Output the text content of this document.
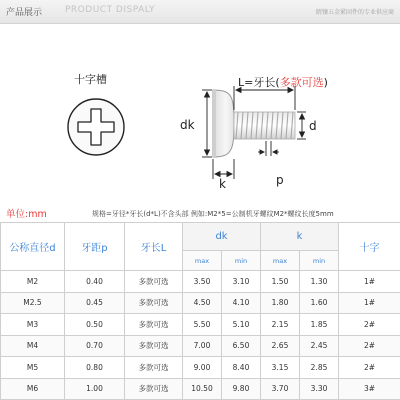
产品展示	PRODUCT DISPALY	睛镶五金紧固件的专业供应商
十字槽	L=牙长(多款可选)
dk	d
k	p
单位:mm	规格=牙径*牙长(d*L)不含头部 例如:M2*5=公制机牙螺纹M2*螺纹长度5mm
公称直径d	牙距p	牙长L	dk		k		十字
			max	min	max	min	
M2	0.40	多款可选	3.50	3.10	1.50	1.30	1#
M2.5	0.45	多款可选	4.50	4.10	1.80	1.60	1#
M3	0.50	多款可选	5.50	5.10	2.15	1.85	2#
M4	0.70	多款可选	7.00	6.50	2.65	2.45	2#
M5	0.80	多款可选	9.00	8.40	3.15	2.85	2#
M6	1.00	多款可选	10.50	9.80	3.70	3.30	3#
